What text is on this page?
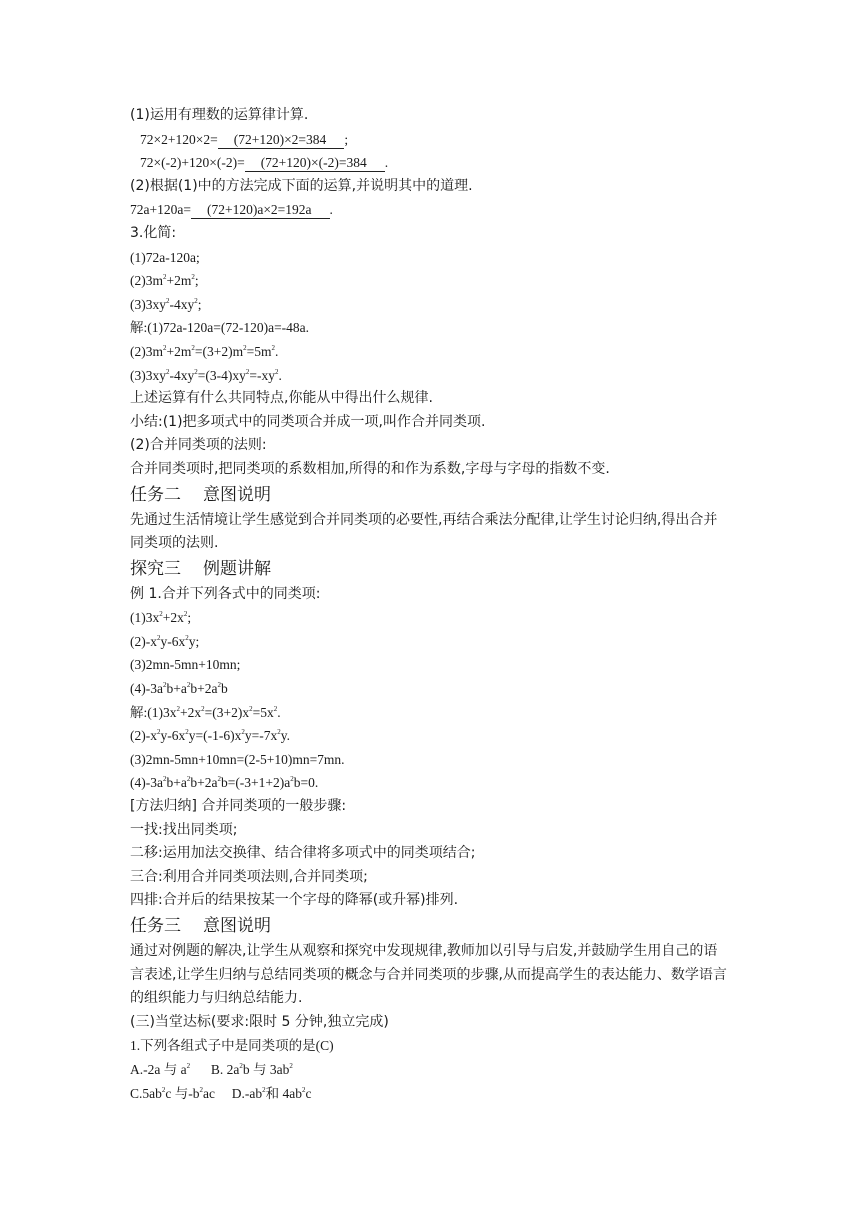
(1)运用有理数的运算律计算.
72×2+120×2= (72+120)×2=384 ;
72×(-2)+120×(-2)= (72+120)×(-2)=384 .
(2)根据(1)中的方法完成下面的运算,并说明其中的道理.
72a+120a= (72+120)a×2=192a .
3.化简:
(1)72a-120a;
$(2)3m^2+2m^2$;
$(3)3xy^2-4xy^2$;
解:(1)72a-120a=(72-120)a=-48a.
$(2)3m^2+2m^2=(3+2)m^2=5m^2$.
$(3)3xy^2-4xy^2=(3-4)xy^2=-xy^2$.
上述运算有什么共同特点,你能从中得出什么规律.
小结:(1)把多项式中的同类项合并成一项,叫作合并同类项.
(2)合并同类项的法则:
合并同类项时,把同类项的系数相加,所得的和作为系数,字母与字母的指数不变.
任务二 意图说明
先通过生活情境让学生感觉到合并同类项的必要性,再结合乘法分配律,让学生讨论归纳,得出合并同类项的法则.
探究三 例题讲解
例 1.合并下列各式中的同类项:
$(1)3x^2+2x^2$;
$(2)-x^2y-6x^2y$;
(3)2mn-5mn+10mn;
$(4)-3a^2b+a^2b+2a^2b$
解$:(1)3x^2+2x^2=(3+2)x^2=5x^2$.
$(2)-x^2y-6x^2y=(-1-6)x^2y=-7x^2y$.
(3)2mn-5mn+10mn=(2-5+10)mn=7mn.
$(4)-3a^2b+a^2b+2a^2b=(-3+1+2)a^2b=0$.
[方法归纳] 合并同类项的一般步骤:
一找:找出同类项;
二移:运用加法交换律、结合律将多项式中的同类项结合;
三合:利用合并同类项法则,合并同类项;
四排:合并后的结果按某一个字母的降幂(或升幂)排列.
任务三 意图说明
通过对例题的解决,让学生从观察和探究中发现规律,教师加以引导与启发,并鼓励学生用自己的语言表述,让学生归纳与总结同类项的概念与合并同类项的步骤,从而提高学生的表达能力、数学语言的组织能力与归纳总结能力.
(三)当堂达标(要求:限时 5 分钟,独立完成)
1.下列各组式子中是同类项的是(C)
A.-2a 与 $a^2$ B. $2a^2b$ 与 $3ab^2$
$C.5ab^2c$ 与$-b^2ac$ $D.-ab^2$和 $4ab^2c$
